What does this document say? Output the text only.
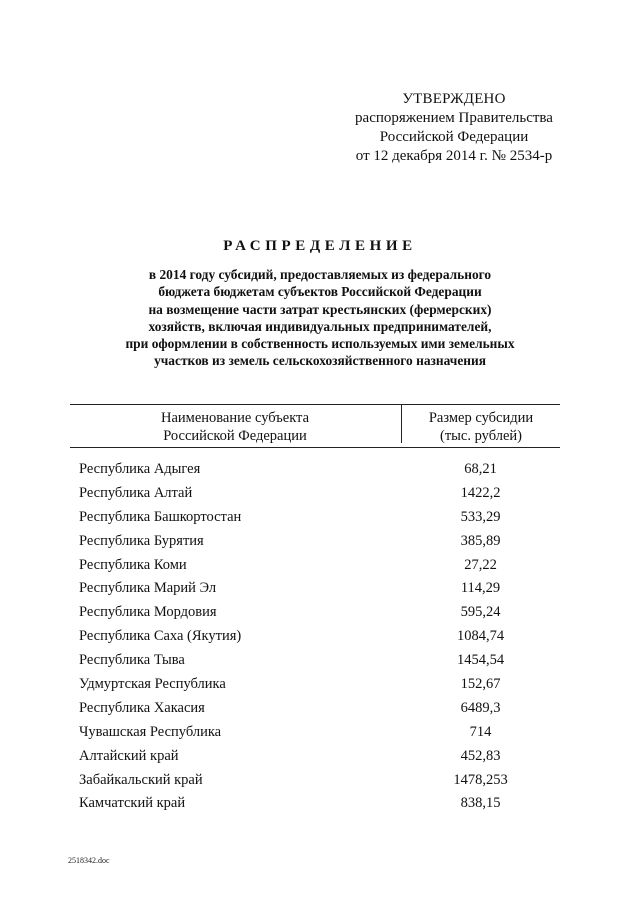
УТВЕРЖДЕНО
распоряжением Правительства
Российской Федерации
от 12 декабря 2014 г. № 2534-р
РАСПРЕДЕЛЕНИЕ
в 2014 году субсидий, предоставляемых из федерального
бюджета бюджетам субъектов Российской Федерации
на возмещение части затрат крестьянских (фермерских)
хозяйств, включая индивидуальных предпринимателей,
при оформлении в собственность используемых ими земельных
участков из земель сельскохозяйственного назначения
Наименование субъекта
Российской Федерации
Размер субсидии
(тыс. рублей)
Республика Адыгея	68,21
Республика Алтай	1422,2
Республика Башкортостан	533,29
Республика Бурятия	385,89
Республика Коми	27,22
Республика Марий Эл	114,29
Республика Мордовия	595,24
Республика Саха (Якутия)	1084,74
Республика Тыва	1454,54
Удмуртская Республика	152,67
Республика Хакасия	6489,3
Чувашская Республика	714
Алтайский край	452,83
Забайкальский край	1478,253
Камчатский край	838,15
2518342.doc
